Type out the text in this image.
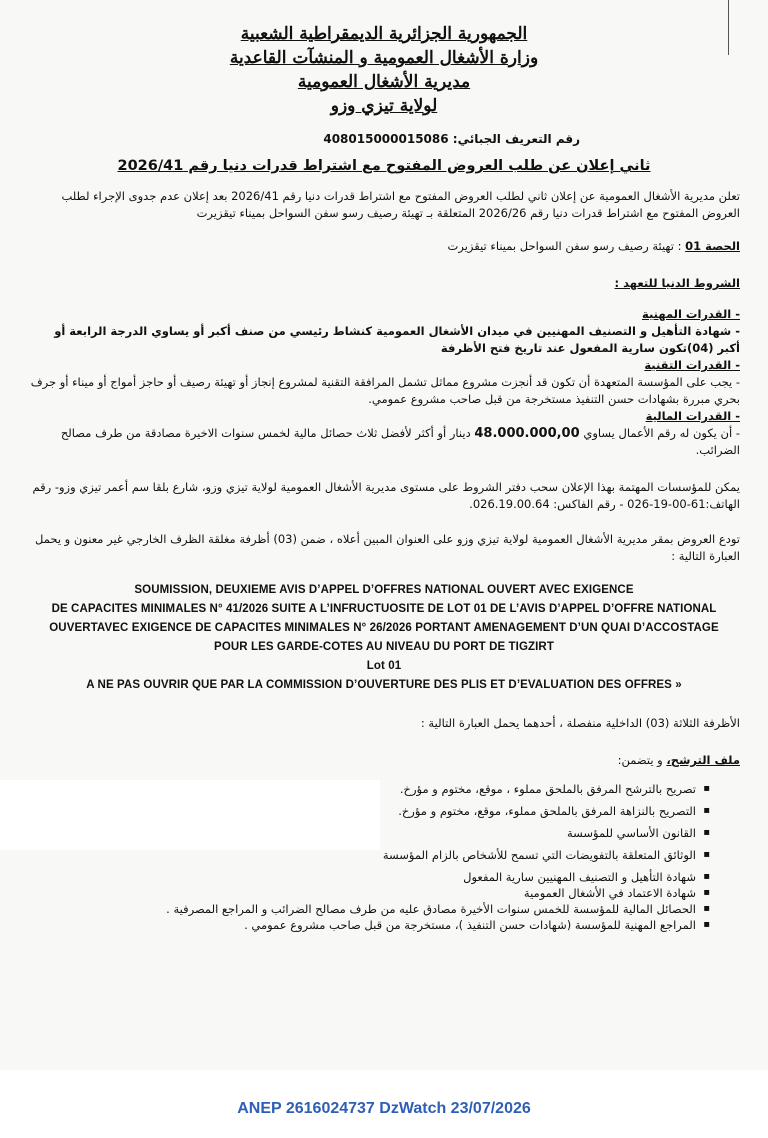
الجمهورية الجزائرية الديمقراطية الشعبية
وزارة الأشغال العمومية و المنشآت القاعدية
مديرية الأشغال العمومية
لولاية تيزي وزو
رقم التعريف الجبائي: 408015000015086
ثاني إعلان عن طلب العروض المفتوح مع اشتراط قدرات دنيا رقم 2026/41

تعلن مديرية الأشغال العمومية عن إعلان ثاني لطلب العروض المفتوح مع اشتراط قدرات دنيا رقم 2026/41 بعد إعلان عدم جدوى الإجراء لطلب العروض المفتوح مع اشتراط قدرات دنيا رقم 2026/26 المتعلقة بـ تهيئة رصيف رسو سفن السواحل بميناء تيقزيرت

الحصة 01 : تهيئة رصيف رسو سفن السواحل بميناء تيقزيرت
الشروط الدنيا للتعهد :
- القدرات المهنية

- شهادة التأهيل و التصنيف المهنيين في ميدان الأشغال العمومية كنشاط رئيسي من صنف أكبر أو يساوي الدرجة الرابعة أو أكبر (04)تكون سارية المفعول عند تاريخ فتح الأظرفة

- القدرات التقنية

- يجب على المؤسسة المتعهدة أن تكون قد أنجزت مشروع مماثل تشمل المرافقة التقنية لمشروع إنجاز أو تهيئة رصيف أو حاجز أمواج أو ميناء أو جرف بحري مبررة بشهادات حسن التنفيذ مستخرجة من قبل صاحب مشروع عمومي.

- القدرات المالية

- أن يكون له رقم الأعمال يساوي 48.000.000,00 دينار أو أكثر لأفضل ثلاث حصائل مالية لخمس سنوات الاخيرة مصادقة من طرف مصالح الضرائب.

يمكن للمؤسسات المهتمة بهذا الإعلان سحب دفتر الشروط على مستوى مديرية الأشغال العمومية لولاية تيزي وزو، شارع بلقا سم أعمر تيزي وزو- رقم الهاتف:61-00-19-026 - رقم الفاكس: 026.19.00.64.

تودع العروض بمقر مديرية الأشغال العمومية لولاية تيزي وزو على العنوان المبين أعلاه ، ضمن (03) أظرفة مغلقة الظرف الخارجي غير معنون و يحمل العبارة التالية :

SOUMISSION, DEUXIEME AVIS D’APPEL D’OFFRES NATIONAL OUVERT AVEC EXIGENCE
DE CAPACITES MINIMALES N° 41/2026 SUITE A L’INFRUCTUOSITE DE LOT 01 DE L’AVIS D’APPEL D’OFFRE NATIONAL
OUVERTAVEC EXIGENCE DE CAPACITES MINIMALES N° 26/2026 PORTANT AMENAGEMENT D’UN QUAI D’ACCOSTAGE
POUR LES GARDE-COTES AU NIVEAU DU PORT DE TIGZIRT
Lot 01
A NE PAS OUVRIR QUE PAR LA COMMISSION D’OUVERTURE DES PLIS ET D’EVALUATION DES OFFRES »

الأظرفة الثلاثة (03) الداخلية منفصلة ، أحدهما يحمل العبارة التالية :

ملف الترشح، و يتضمن:
▪ تصريح بالترشح المرفق بالملحق مملوء ، موقع، مختوم و مؤرخ.
▪ التصريح بالنزاهة المرفق بالملحق مملوء، موقع، مختوم و مؤرخ.
▪ القانون الأساسي للمؤسسة
▪ الوثائق المتعلقة بالتفويضات التي تسمح للأشخاص بالزام المؤسسة
▪ شهادة التأهيل و التصنيف المهنيين سارية المفعول
▪ شهادة الاعتماد في الأشغال العمومية
▪ الحصائل المالية للمؤسسة للخمس سنوات الأخيرة مصادق عليه من طرف مصالح الضرائب و المراجع المصرفية .
▪ المراجع المهنية للمؤسسة (شهادات حسن التنفيذ )، مستخرجة من قبل صاحب مشروع عمومي .
ANEP 2616024737 DzWatch 23/07/2026
